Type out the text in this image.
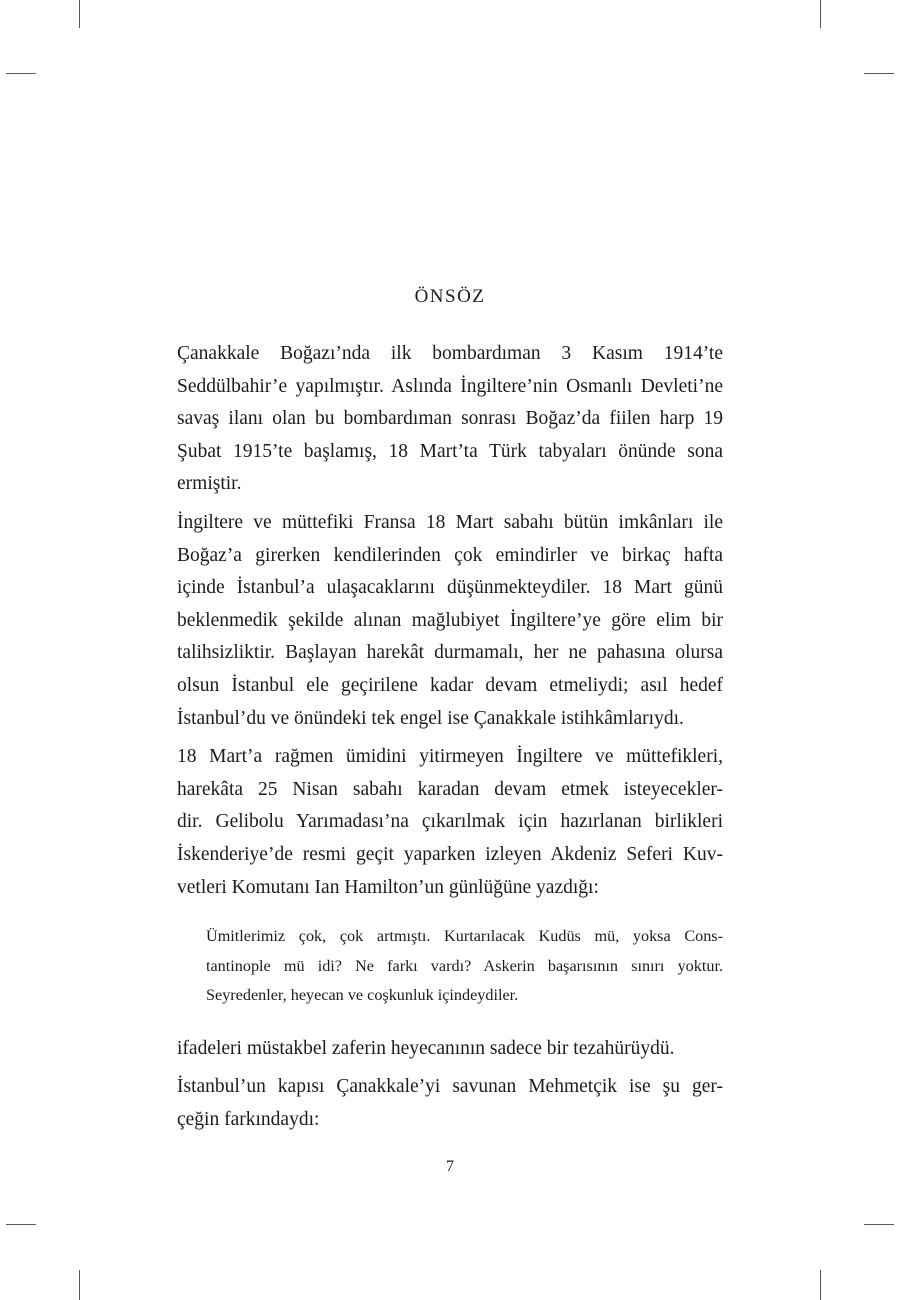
ÖNSÖZ

Çanakkale Boğazı’nda ilk bombardıman 3 Kasım 1914’te
Seddülbahir’e yapılmıştır. Aslında İngiltere’nin Osmanlı Devleti’ne
savaş ilanı olan bu bombardıman sonrası Boğaz’da fiilen harp 19
Şubat 1915’te başlamış, 18 Mart’ta Türk tabyaları önünde sona
ermiştir.

İngiltere ve müttefiki Fransa 18 Mart sabahı bütün imkânları ile
Boğaz’a girerken kendilerinden çok emindirler ve birkaç hafta
içinde İstanbul’a ulaşacaklarını düşünmekteydiler. 18 Mart günü
beklenmedik şekilde alınan mağlubiyet İngiltere’ye göre elim bir
talihsizliktir. Başlayan harekât durmamalı, her ne pahasına olursa
olsun İstanbul ele geçirilene kadar devam etmeliydi; asıl hedef
İstanbul’du ve önündeki tek engel ise Çanakkale istihkâmlarıydı.

18 Mart’a rağmen ümidini yitirmeyen İngiltere ve müttefikleri,
harekâta 25 Nisan sabahı karadan devam etmek isteyecekler-
dir. Gelibolu Yarımadası’na çıkarılmak için hazırlanan birlikleri
İskenderiye’de resmi geçit yaparken izleyen Akdeniz Seferi Kuv-
vetleri Komutanı Ian Hamilton’un günlüğüne yazdığı:

Ümitlerimiz çok, çok artmıştı. Kurtarılacak Kudüs mü, yoksa Cons-
tantinople mü idi? Ne farkı vardı? Askerin başarısının sınırı yoktur.
Seyredenler, heyecan ve coşkunluk içindeydiler.

ifadeleri müstakbel zaferin heyecanının sadece bir tezahürüydü.

İstanbul’un kapısı Çanakkale’yi savunan Mehmetçik ise şu ger-
çeğin farkındaydı:

7
